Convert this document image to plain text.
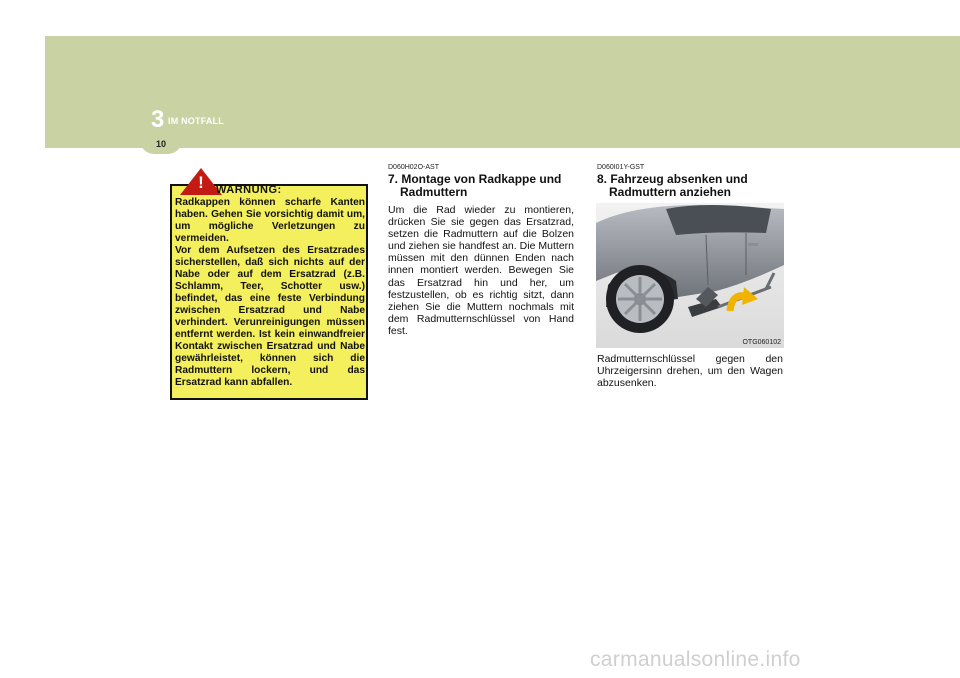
3 IM NOTFALL
10
! WARNUNG:

Radkappen können scharfe Kanten haben. Gehen Sie vorsichtig damit um, um mögliche Verletzungen zu vermeiden.

Vor dem Aufsetzen des Ersatzrades sicherstellen, daß sich nichts auf der Nabe oder auf dem Ersatzrad (z.B. Schlamm, Teer, Schotter usw.) befindet, das eine feste Verbindung zwischen Ersatzrad und Nabe verhindert. Verunreinigungen müssen entfernt werden. Ist kein einwandfreier Kontakt zwischen Ersatzrad und Nabe gewährleistet, können sich die Radmuttern lockern, und das Ersatzrad kann abfallen.

D060H02O-AST
7. Montage von Radkappe und
Radmuttern
Um die Rad wieder zu montieren, drücken Sie sie gegen das Ersatzrad, setzen die Radmuttern auf die Bolzen und ziehen sie handfest an. Die Muttern müssen mit den dünnen Enden nach innen montiert werden. Bewegen Sie das Ersatzrad hin und her, um festzustellen, ob es richtig sitzt, dann ziehen Sie die Muttern nochmals mit dem Radmutternschlüssel von Hand fest.
D060I01Y-GST
8. Fahrzeug absenken und
Radmuttern anziehen
OTG060102
Radmutternschlüssel gegen den Uhrzeigersinn drehen, um den Wagen abzusenken.
carmanualsonline.info
